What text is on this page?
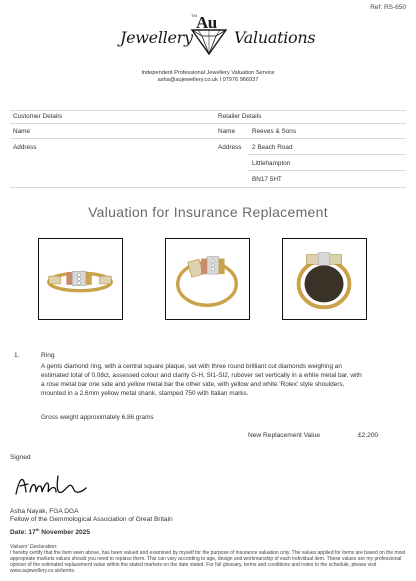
Ref: RS-650
TM Au
Jewellery	Valuations
Independent Professional Jewellery Valuation Service
asha@aujewellery.co.uk I 07976 966937
Customer Details	Retailer Details
Name	Name	Reeves & Sons
Address	Address 2 Beach Road
Littlehampton
BN17 5HT
Valuation for Insurance Replacement
1.	Ring
A gents diamond ring, with a central square plaque, set with three round brilliant cut diamonds weighing an estimated total of 0.08ct, assessed colour and clarity G-H, SI1-SI2, rubover set vertically in a white metal bar, with a rose metal bar one side and yellow metal bar the other side, with yellow and white 'Rolex' style shoulders, mounted in a 2.6mm yellow metal shank, stamped 750 with Italian marks.
Gross weight approximately 6.86 grams
New Replacement Value	£2,200
Signed
Asha Nayak, FGA DGA
Fellow of the Gemmological Association of Great Britain
Date: 17th November 2025
Valuers' Declaration:
I hereby certify that the item seen above, has been valued and examined by myself for the purpose of insurance valuation only. The values applied for items are based on the most appropriate markets values should you need to replace them. This can vary according to age, design and workmanship of each individual item. These values are my professional opinion of the estimated replacement value within the stated markets on the date stated. For full glossary, terms and conditions and notes to the schedule, please visit www.aujewellery.co.uk/terms.
